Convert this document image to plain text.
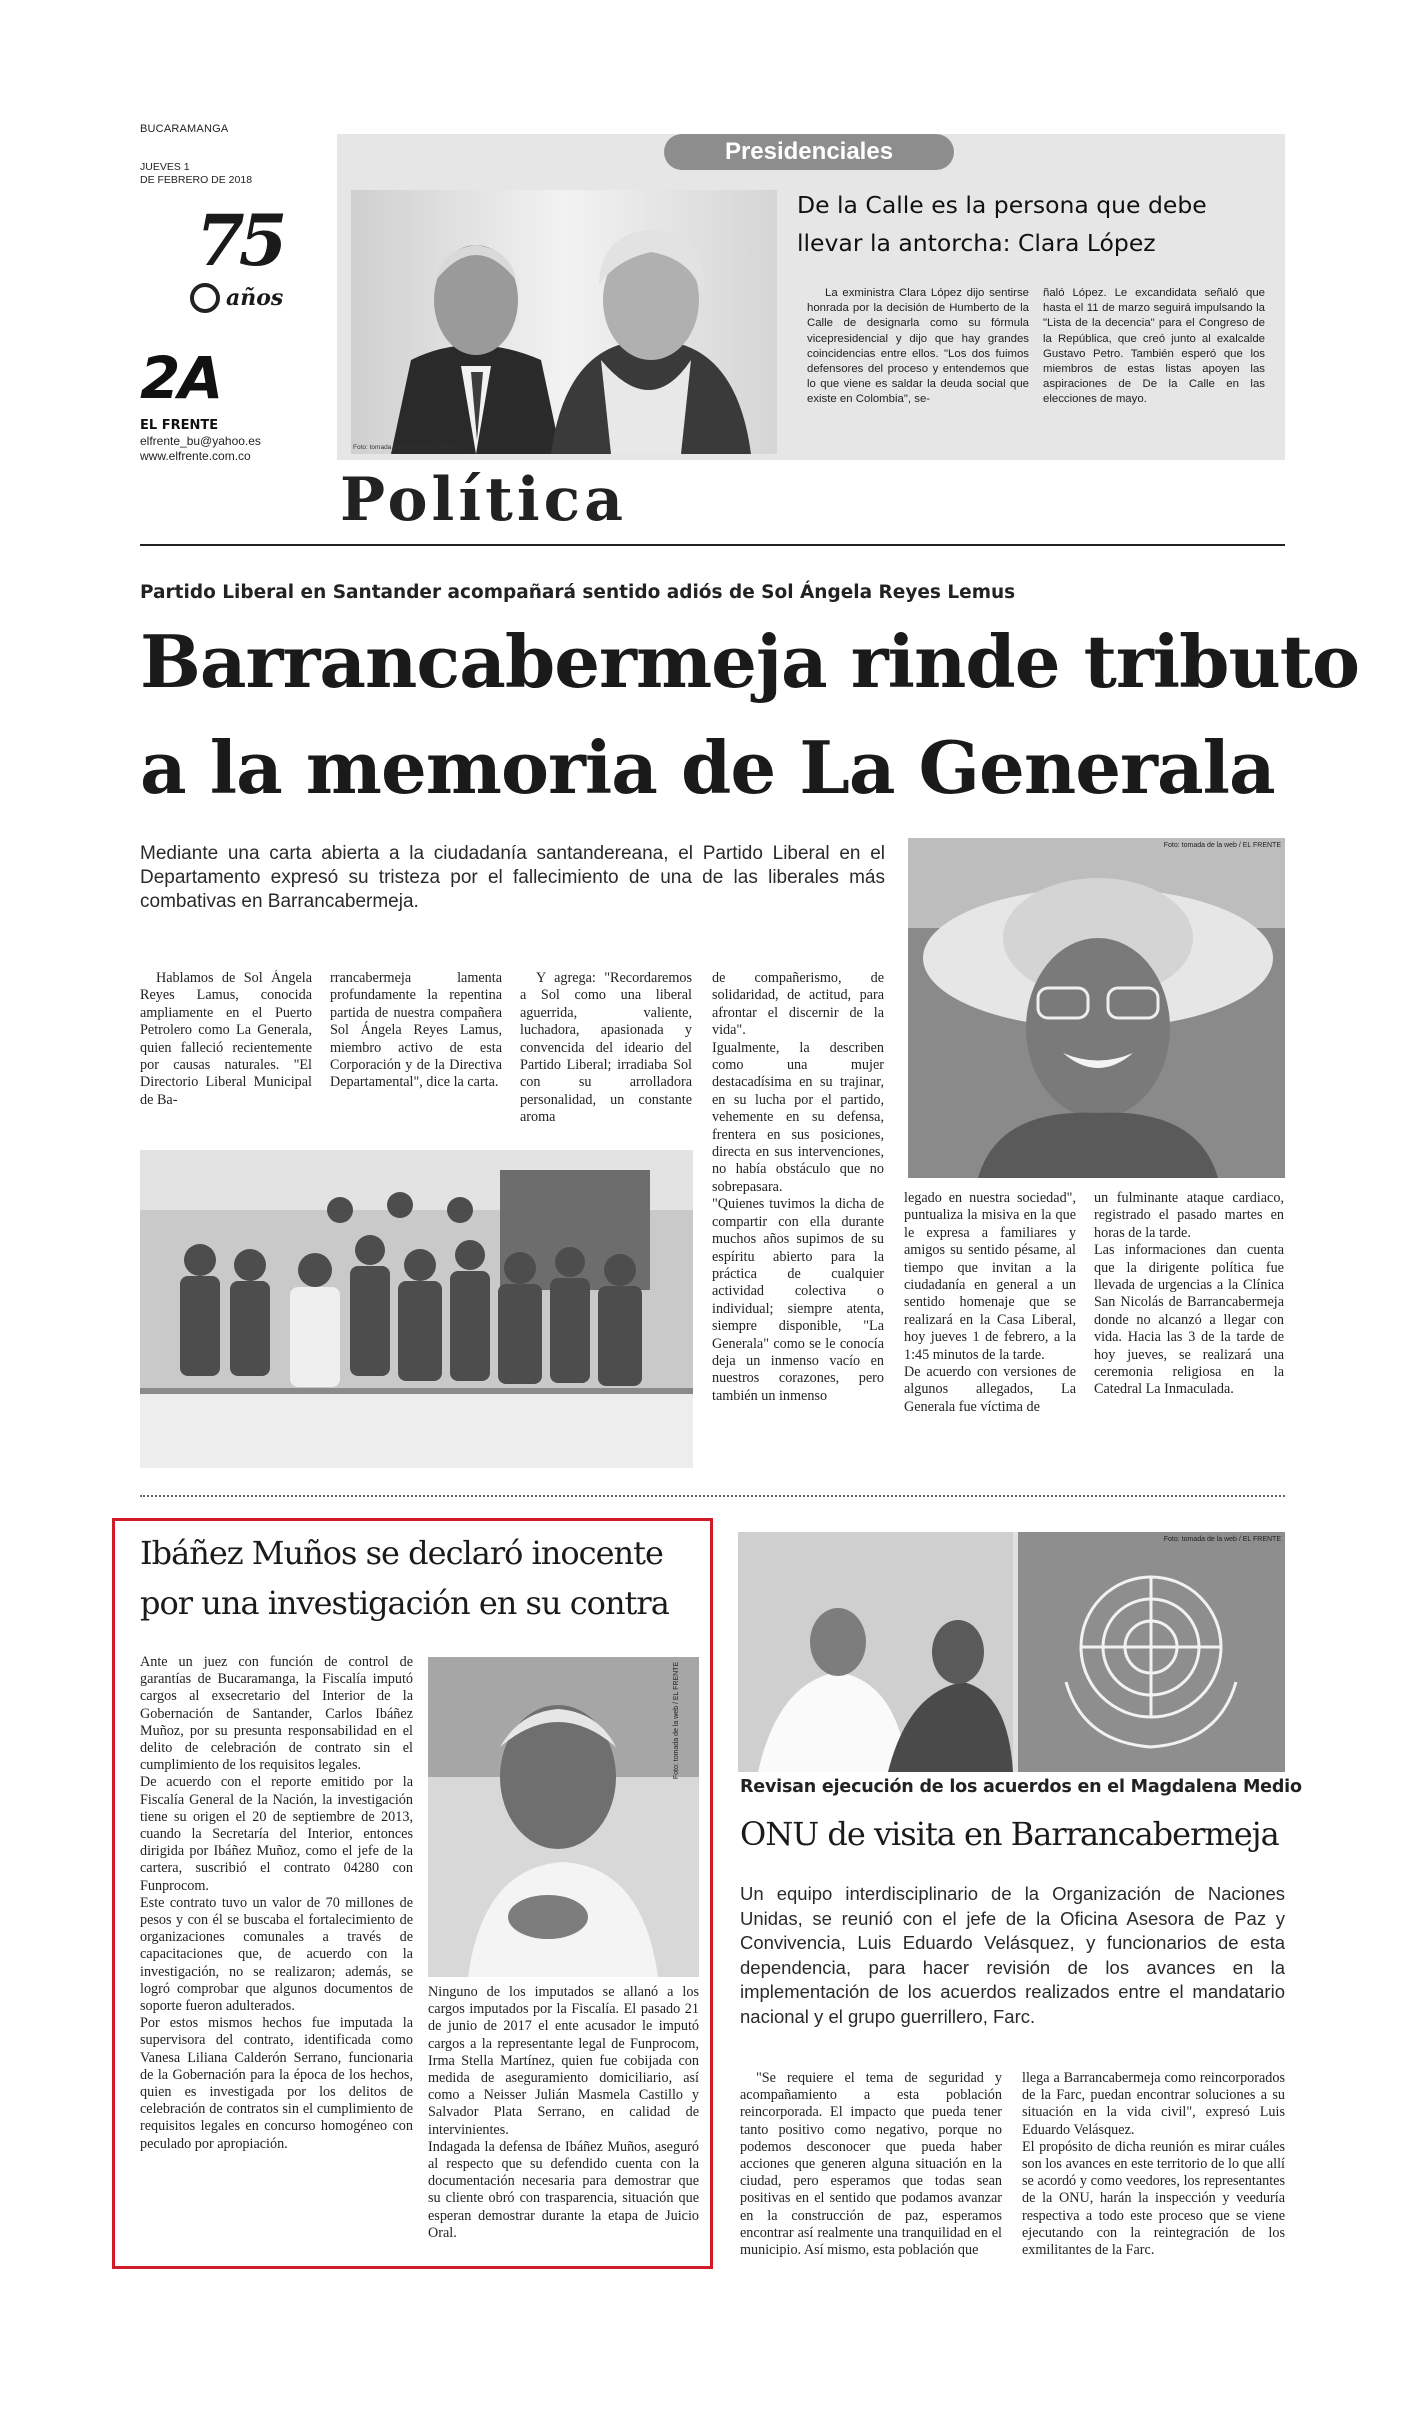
BUCARAMANGA
JUEVES 1
DE FEBRERO DE 2018
75
años
2A
EL FRENTE
elfrente_bu@yahoo.es
www.elfrente.com.co
Presidenciales
Foto: tomada de la web / EL FRENTE
De la Calle es la persona que debe llevar la antorcha: Clara López
La exministra Clara López dijo sentirse honrada por la decisión de Humberto de la Calle de designarla como su fórmula vicepresidencial y dijo que hay grandes coincidencias entre ellos. "Los dos fuimos defensores del proceso y entendemos que lo que viene es saldar la deuda social que existe en Colombia", se-
ñaló López. Le excandidata señaló que hasta el 11 de marzo seguirá impulsando la "Lista de la decencia" para el Congreso de la República, que creó junto al exalcalde Gustavo Petro. También esperó que los miembros de estas listas apoyen las aspiraciones de De la Calle en las elecciones de mayo.
Política
Partido Liberal en Santander acompañará sentido adiós de Sol Ángela Reyes Lemus
Barrancabermeja rinde tributo
a la memoria de La Generala
Mediante una carta abierta a la ciudadanía santandereana, el Partido Liberal en el Departamento expresó su tristeza por el fallecimiento de una de las liberales más combativas en Barrancabermeja.
Foto: tomada de la web / EL FRENTE
Hablamos de Sol Ángela Reyes Lamus, conocida ampliamente en el Puerto Petrolero como La Generala, quien falleció recientemente por causas naturales. "El Directorio Liberal Municipal de Ba-
rrancabermeja lamenta profundamente la repentina partida de nuestra compañera Sol Ángela Reyes Lamus, miembro activo de esta Corporación y de la Directiva Departamental", dice la carta.
Y agrega: "Recordaremos a Sol como una liberal aguerrida, valiente, luchadora, apasionada y convencida del ideario del Partido Liberal; irradiaba Sol con su arrolladora personalidad, un constante aroma
de compañerismo, de solidaridad, de actitud, para afrontar el discernir de la vida".
Igualmente, la describen como una mujer destacadísima en su trajinar, en su lucha por el partido, vehemente en su defensa, frentera en sus posiciones, directa en sus intervenciones, no había obstáculo que no sobrepasara.
"Quienes tuvimos la dicha de compartir con ella durante muchos años supimos de su espíritu abierto para la práctica de cualquier actividad colectiva o individual; siempre atenta, siempre disponible, "La Generala" como se le conocía deja un inmenso vacío en nuestros corazones, pero también un inmenso
legado en nuestra sociedad", puntualiza la misiva en la que le expresa a familiares y amigos su sentido pésame, al tiempo que invitan a la ciudadanía en general a un sentido homenaje que se realizará en la Casa Liberal, hoy jueves 1 de febrero, a la 1:45 minutos de la tarde.
De acuerdo con versiones de algunos allegados, La Generala fue víctima de
un fulminante ataque cardiaco, registrado el pasado martes en horas de la tarde.
Las informaciones dan cuenta que la dirigente política fue llevada de urgencias a la Clínica San Nicolás de Barrancabermeja donde no alcanzó a llegar con vida. Hacia las 3 de la tarde de hoy jueves, se realizará una ceremonia religiosa en la Catedral La Inmaculada.
Ibáñez Muños se declaró inocente por una investigación en su contra
Ante un juez con función de control de garantías de Bucaramanga, la Fiscalía imputó cargos al exsecretario del Interior de la Gobernación de Santander, Carlos Ibáñez Muñoz, por su presunta responsabilidad en el delito de celebración de contrato sin el cumplimiento de los requisitos legales.
De acuerdo con el reporte emitido por la Fiscalía General de la Nación, la investigación tiene su origen el 20 de septiembre de 2013, cuando la Secretaría del Interior, entonces dirigida por Ibáñez Muñoz, como el jefe de la cartera, suscribió el contrato 04280 con Funprocom.
Este contrato tuvo un valor de 70 millones de pesos y con él se buscaba el fortalecimiento de organizaciones comunales a través de capacitaciones que, de acuerdo con la investigación, no se realizaron; además, se logró comprobar que algunos documentos de soporte fueron adulterados.
Por estos mismos hechos fue imputada la supervisora del contrato, identificada como Vanesa Liliana Calderón Serrano, funcionaria de la Gobernación para la época de los hechos, quien es investigada por los delitos de celebración de contratos sin el cumplimiento de requisitos legales en concurso homogéneo con peculado por apropiación.
Foto: tomada de la web / EL FRENTE
Ninguno de los imputados se allanó a los cargos imputados por la Fiscalía. El pasado 21 de junio de 2017 el ente acusador le imputó cargos a la representante legal de Funprocom, Irma Stella Martínez, quien fue cobijada con medida de aseguramiento domiciliario, así como a Neisser Julián Masmela Castillo y Salvador Plata Serrano, en calidad de intervinientes.
Indagada la defensa de Ibáñez Muños, aseguró al respecto que su defendido cuenta con la documentación necesaria para demostrar que su cliente obró con trasparencia, situación que esperan demostrar durante la etapa de Juicio Oral.
Foto: tomada de la web / EL FRENTE
Revisan ejecución de los acuerdos en el Magdalena Medio
ONU de visita en Barrancabermeja
Un equipo interdisciplinario de la Organización de Naciones Unidas, se reunió con el jefe de la Oficina Asesora de Paz y Convivencia, Luis Eduardo Velásquez, y funcionarios de esta dependencia, para hacer revisión de los avances en la implementación de los acuerdos realizados entre el mandatario nacional y el grupo guerrillero, Farc.
"Se requiere el tema de seguridad y acompañamiento a esta población reincorporada. El impacto que pueda tener tanto positivo como negativo, porque no podemos desconocer que pueda haber acciones que generen alguna situación en la ciudad, pero esperamos que todas sean positivas en el sentido que podamos avanzar en la construcción de paz, esperamos encontrar así realmente una tranquilidad en el municipio. Así mismo, esta población que
llega a Barrancabermeja como reincorporados de la Farc, puedan encontrar soluciones a su situación en la vida civil", expresó Luis Eduardo Velásquez.
El propósito de dicha reunión es mirar cuáles son los avances en este territorio de lo que allí se acordó y como veedores, los representantes de la ONU, harán la inspección y veeduría respectiva a todo este proceso que se viene ejecutando con la reintegración de los exmilitantes de la Farc.
